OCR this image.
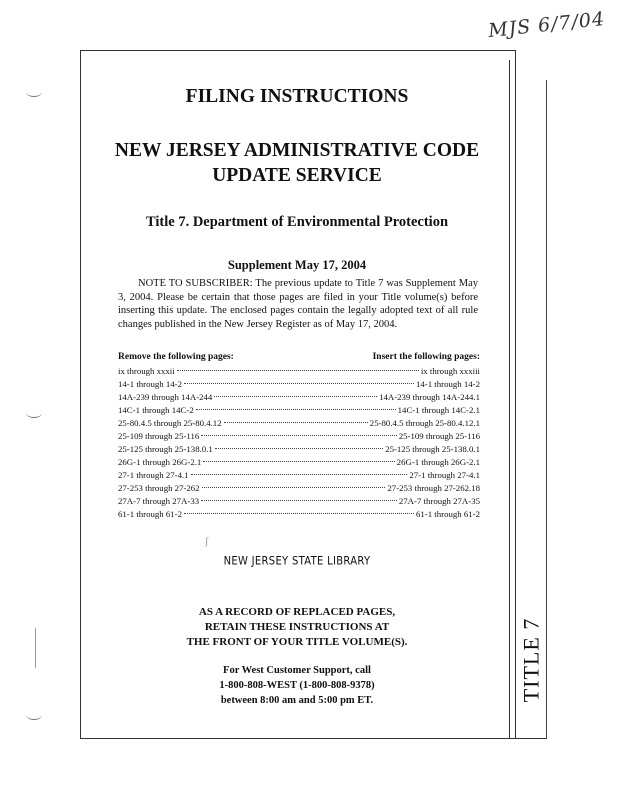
MJS 6/7/04
TITLE 7
FILING INSTRUCTIONS
NEW JERSEY ADMINISTRATIVE CODE
UPDATE SERVICE
Title 7. Department of Environmental Protection
Supplement May 17, 2004
NOTE TO SUBSCRIBER: The previous update to Title 7 was Supplement May 3, 2004. Please be certain that those pages are filed in your Title volume(s) before inserting this update. The enclosed pages contain the legally adopted text of all rule changes published in the New Jersey Register as of May 17, 2004.
Remove the following pages:	Insert the following pages:
ix through xxxii	ix through xxxiii
14-1 through 14-2	14-1 through 14-2
14A-239 through 14A-244	14A-239 through 14A-244.1
14C-1 through 14C-2	14C-1 through 14C-2.1
25-80.4.5 through 25-80.4.12	25-80.4.5 through 25-80.4.12.1
25-109 through 25-116	25-109 through 25-116
25-125 through 25-138.0.1	25-125 through 25-138.0.1
26G-1 through 26G-2.1	26G-1 through 26G-2.1
27-1 through 27-4.1	27-1 through 27-4.1
27-253 through 27-262	27-253 through 27-262.18
27A-7 through 27A-33	27A-7 through 27A-35
61-1 through 61-2	61-1 through 61-2
ʃ
NEW JERSEY STATE LIBRARY
AS A RECORD OF REPLACED PAGES,
RETAIN THESE INSTRUCTIONS AT
THE FRONT OF YOUR TITLE VOLUME(S).
For West Customer Support, call
1-800-808-WEST (1-800-808-9378)
between 8:00 am and 5:00 pm ET.
